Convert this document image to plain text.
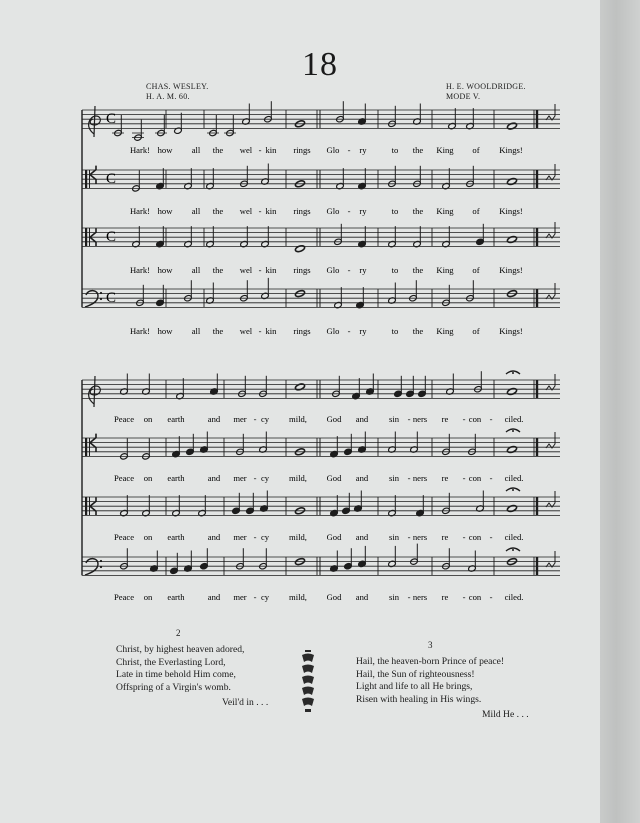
18
CHAS. WESLEY.
H. A. M. 60.
H. E. WOOLDRIDGE.
MODE V.
C
Hark! how all the wel - kin rings Glo - ry	to the King of Kings!
C
Hark! how all the wel - kin rings Glo - ry	to the King of Kings!
C
Hark! how all the wel - kin rings Glo - ry	to the King of Kings!
C
Hark! how all the wel - kin rings Glo - ry	to the King of Kings!
Peace on earth	and mer - cy mild, God and sin - ners re - con - ciled.
Peace on earth	and mer - cy mild, God and sin - ners re - con - ciled.
Peace on earth	and mer - cy mild, God and sin - ners re - con - ciled.
Peace on earth	and mer - cy mild, God and sin - ners re - con - ciled.
2
Christ, by highest heaven adored,
Christ, the Everlasting Lord,
Late in time behold Him come,
Offspring of a Virgin's womb.
Veil'd in . . .
3
Hail, the heaven-born Prince of peace!
Hail, the Sun of righteousness!
Light and life to all He brings,
Risen with healing in His wings.
Mild He . . .
